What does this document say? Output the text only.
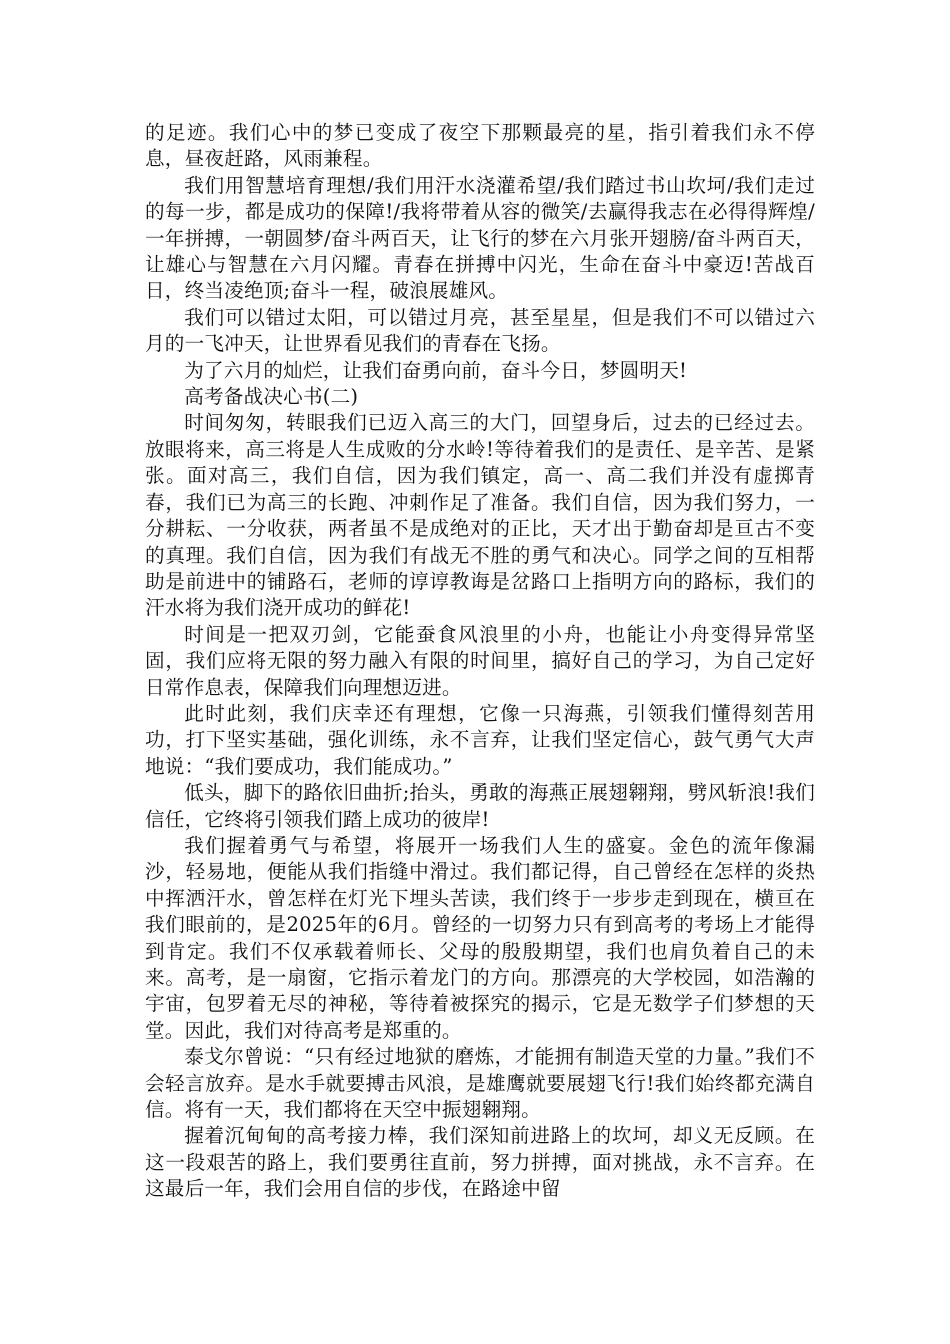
的足迹。我们心中的梦已变成了夜空下那颗最亮的星，指引着我们永不停息，昼夜赶路，风雨兼程。

我们用智慧培育理想/我们用汗水浇灌希望/我们踏过书山坎坷/我们走过的每一步，都是成功的保障!/我将带着从容的微笑/去赢得我志在必得得辉煌/一年拼搏，一朝圆梦/奋斗两百天，让飞行的梦在六月张开翅膀/奋斗两百天，让雄心与智慧在六月闪耀。青春在拼搏中闪光，生命在奋斗中豪迈!苦战百日，终当凌绝顶;奋斗一程，破浪展雄风。

我们可以错过太阳，可以错过月亮，甚至星星，但是我们不可以错过六月的一飞冲天，让世界看见我们的青春在飞扬。

为了六月的灿烂，让我们奋勇向前，奋斗今日，梦圆明天!

高考备战决心书(二)

时间匆匆，转眼我们已迈入高三的大门，回望身后，过去的已经过去。放眼将来，高三将是人生成败的分水岭!等待着我们的是责任、是辛苦、是紧张。面对高三，我们自信，因为我们镇定，高一、高二我们并没有虚掷青春，我们已为高三的长跑、冲刺作足了准备。我们自信，因为我们努力，一分耕耘、一分收获，两者虽不是成绝对的正比，天才出于勤奋却是亘古不变的真理。我们自信，因为我们有战无不胜的勇气和决心。同学之间的互相帮助是前进中的铺路石，老师的谆谆教诲是岔路口上指明方向的路标，我们的汗水将为我们浇开成功的鲜花!

时间是一把双刃剑，它能蚕食风浪里的小舟，也能让小舟变得异常坚固，我们应将无限的努力融入有限的时间里，搞好自己的学习，为自己定好日常作息表，保障我们向理想迈进。

此时此刻，我们庆幸还有理想，它像一只海燕，引领我们懂得刻苦用功，打下坚实基础，强化训练，永不言弃，让我们坚定信心，鼓气勇气大声地说：“我们要成功，我们能成功。”

低头，脚下的路依旧曲折;抬头，勇敢的海燕正展翅翱翔，劈风斩浪!我们信任，它终将引领我们踏上成功的彼岸!

我们握着勇气与希望，将展开一场我们人生的盛宴。金色的流年像漏沙，轻易地，便能从我们指缝中滑过。我们都记得，自己曾经在怎样的炎热中挥洒汗水，曾怎样在灯光下埋头苦读，我们终于一步步走到现在，横亘在我们眼前的，是2025年的6月。曾经的一切努力只有到高考的考场上才能得到肯定。我们不仅承载着师长、父母的殷殷期望，我们也肩负着自己的未来。高考，是一扇窗，它指示着龙门的方向。那漂亮的大学校园，如浩瀚的宇宙，包罗着无尽的神秘，等待着被探究的揭示，它是无数学子们梦想的天堂。因此，我们对待高考是郑重的。

泰戈尔曾说：“只有经过地狱的磨炼，才能拥有制造天堂的力量。”我们不会轻言放弃。是水手就要搏击风浪，是雄鹰就要展翅飞行!我们始终都充满自信。将有一天，我们都将在天空中振翅翱翔。

握着沉甸甸的高考接力棒，我们深知前进路上的坎坷，却义无反顾。在这一段艰苦的路上，我们要勇往直前，努力拼搏，面对挑战，永不言弃。在这最后一年，我们会用自信的步伐，在路途中留
